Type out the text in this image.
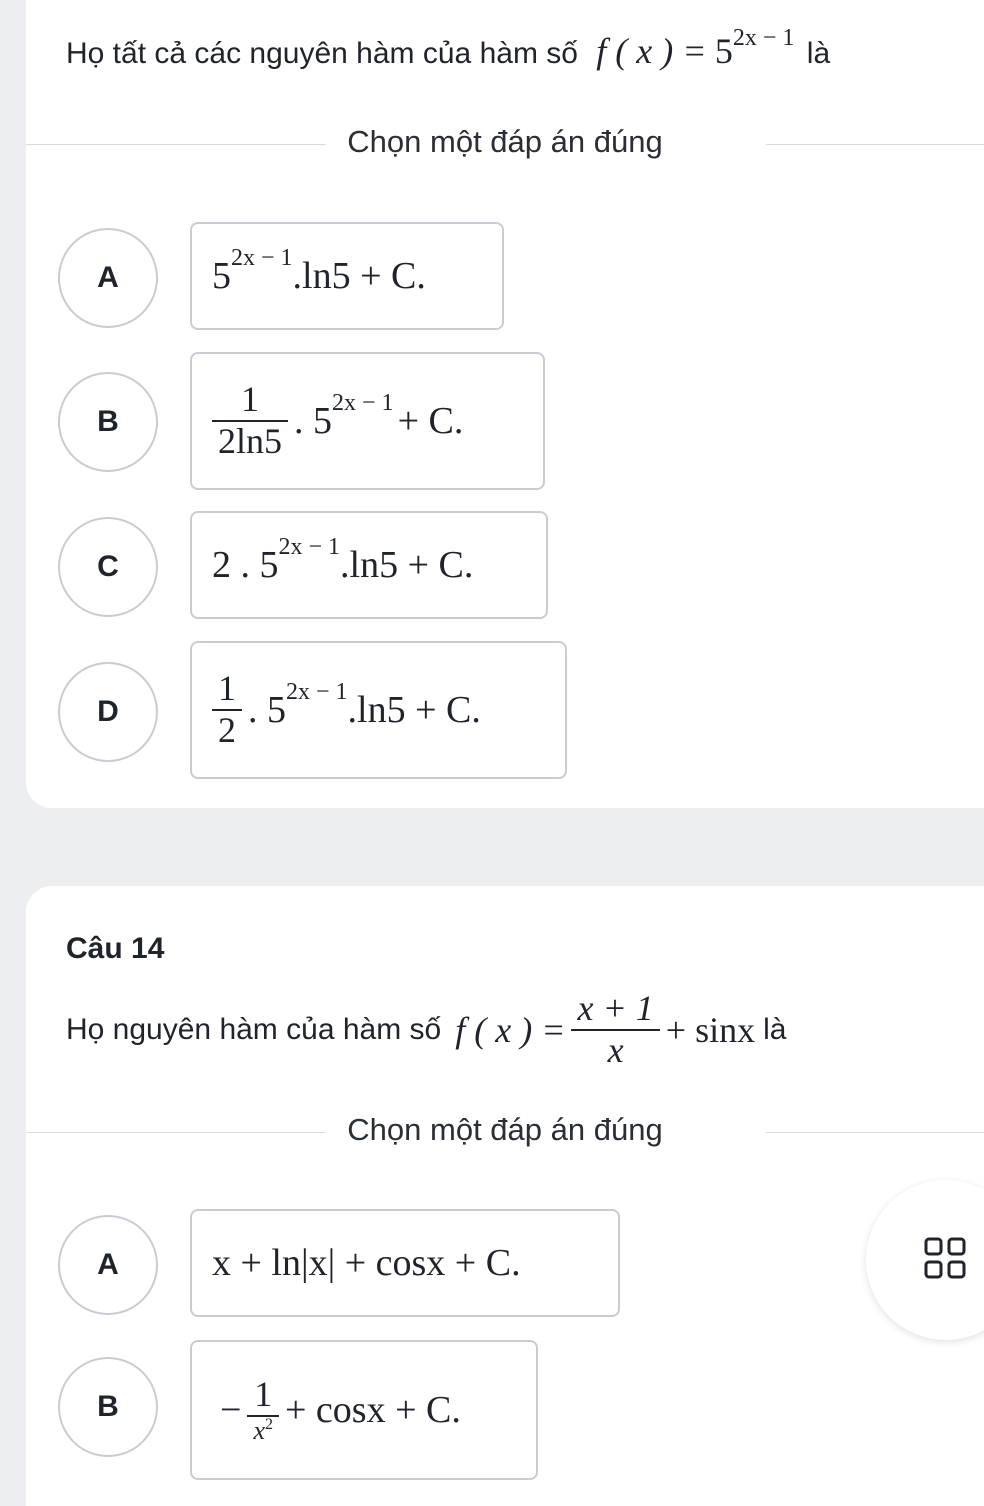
Họ tất cả các nguyên hàm của hàm số f ( x ) = $5^{2x - 1}$ là
Chọn một đáp án đúng
A	5 2x − 1 .ln5 + C.
B	$\frac{1}{2\ln 5}$ . 5 2x − 1 + C.
C	2 . 5 2x − 1 .ln5 + C.
D	$\frac{1}{2}$ . 5 2x − 1 .ln5 + C.
Câu 14
Họ nguyên hàm của hàm số f ( x ) = $\frac{x + 1}{x} + \sin x$ là
Chọn một đáp án đúng
A	x + ln|x| + cosx + C.
B	− $\frac{1}{x^2} + \cos x + C$.
